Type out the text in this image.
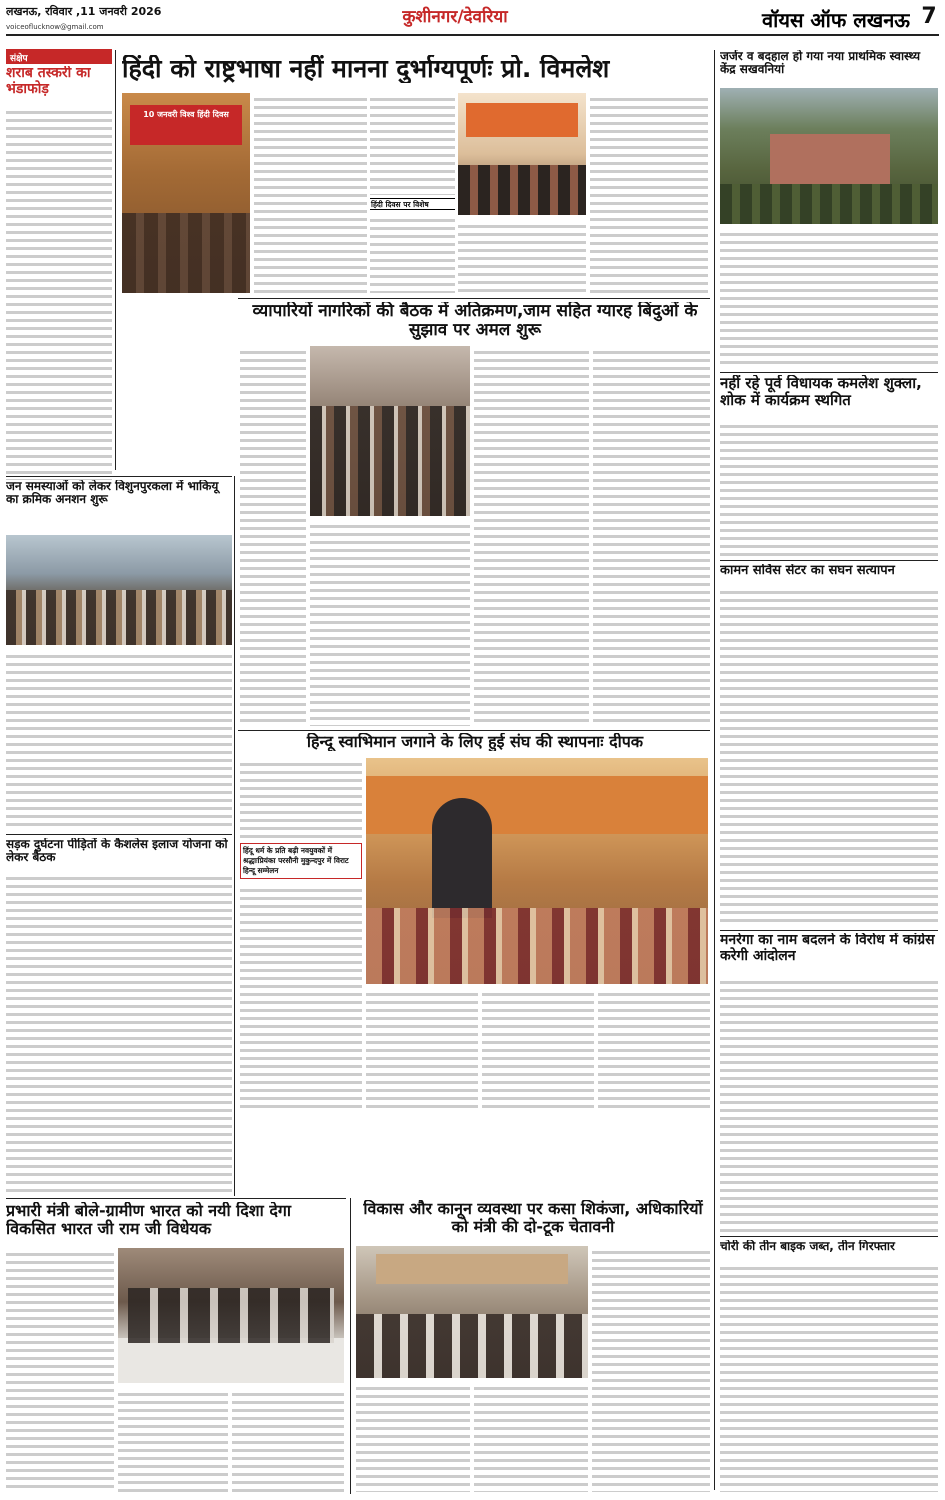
लखनऊ, रविवार ,11 जनवरी 2026
voiceoflucknow@gmail.com	कुशीनगर/देवरिया	वॉयस ऑफ लखनऊ 7
संक्षेप
शराब तस्करी का भंडाफोड़
हिंदी को राष्ट्रभाषा नहीं मानना दुर्भाग्यपूर्णः प्रो. विमलेश
10 जनवरी विश्व हिंदी दिवस
हिंदी दिवस पर विशेष
जन समस्याओं को लेकर विशुनपुरकला में भाकियू का क्रमिक अनशन शुरू
सड़क दुर्घटना पीड़ितों के कैशलेस इलाज योजना को लेकर बैठक
व्यापारियों नागरिकों की बैठक में अतिक्रमण,जाम सहित ग्यारह बिंदुओं के सुझाव पर अमल शुरू
हिन्दू स्वाभिमान जगाने के लिए हुई संघ की स्थापनाः दीपक
हिंदू धर्म के प्रति बढ़ी नवयुवकों में श्रद्धाःप्रियंका परसौनी मुकुन्दपुर में विराट हिन्दू सम्मेलन
प्रभारी मंत्री बोले-ग्रामीण भारत को नयी दिशा देगा विकसित भारत जी राम जी विधेयक
विकास और कानून व्यवस्था पर कसा शिकंजा, अधिकारियों को मंत्री की दो-टूक चेतावनी
जर्जर व बदहाल हो गया नया प्राथमिक स्वास्थ्य केंद्र सखवनियां
नहीं रहे पूर्व विधायक कमलेश शुक्ला, शोक में कार्यक्रम स्थगित
कामन सर्विस सेंटर का सघन सत्यापन
मनरेगा का नाम बदलने के विरोध में कांग्रेस करेगी आंदोलन
चोरी की तीन बाइक जब्त, तीन गिरफ्तार
